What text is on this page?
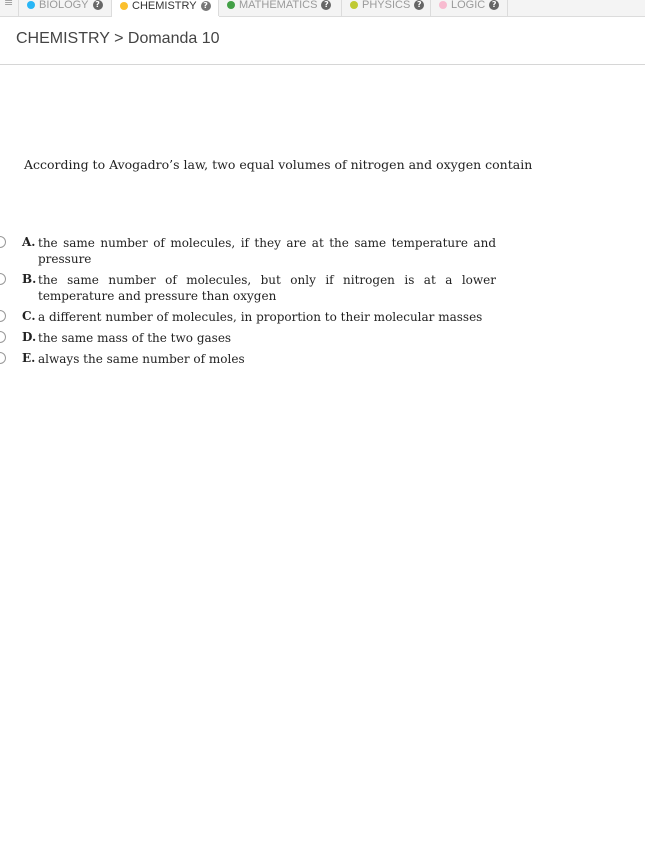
≡ BIOLOGY ?	CHEMISTRY ?	MATHEMATICS ?	PHYSICS ?	LOGIC ?
CHEMISTRY > Domanda 10
According to Avogadro’s law, two equal volumes of nitrogen and oxygen contain
A. the same number of molecules, if they are at the same temperature and pressure
B. the same number of molecules, but only if nitrogen is at a lower temperature and pressure than oxygen
C. a different number of molecules, in proportion to their molecular masses
D. the same mass of the two gases
E. always the same number of moles
